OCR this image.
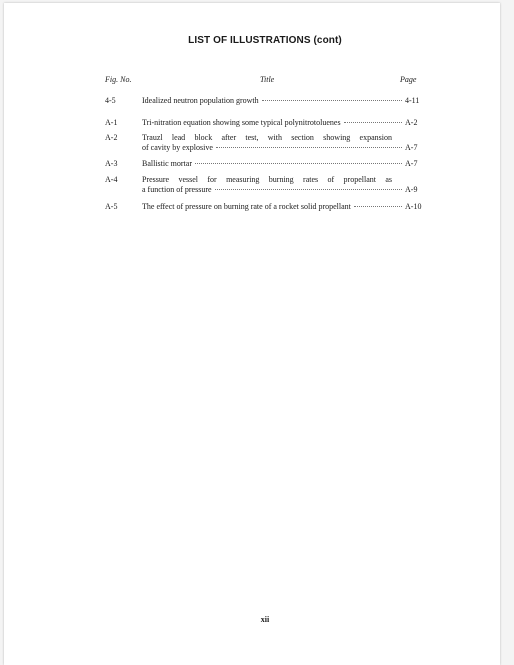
LIST OF ILLUSTRATIONS (cont)
Fig. No.	Title	Page
4-5	Idealized neutron population growth	4-11
A-1	Tri-nitration equation showing some typical polynitrotoluenes	A-2
A-2	Trauzl lead block after test, with section showing expansion
of cavity by explosive	A-7
A-3	Ballistic mortar	A-7
A-4	Pressure vessel for measuring burning rates of propellant as
a function of pressure	A-9
A-5	The effect of pressure on burning rate of a rocket solid propellant	A-10
xii
